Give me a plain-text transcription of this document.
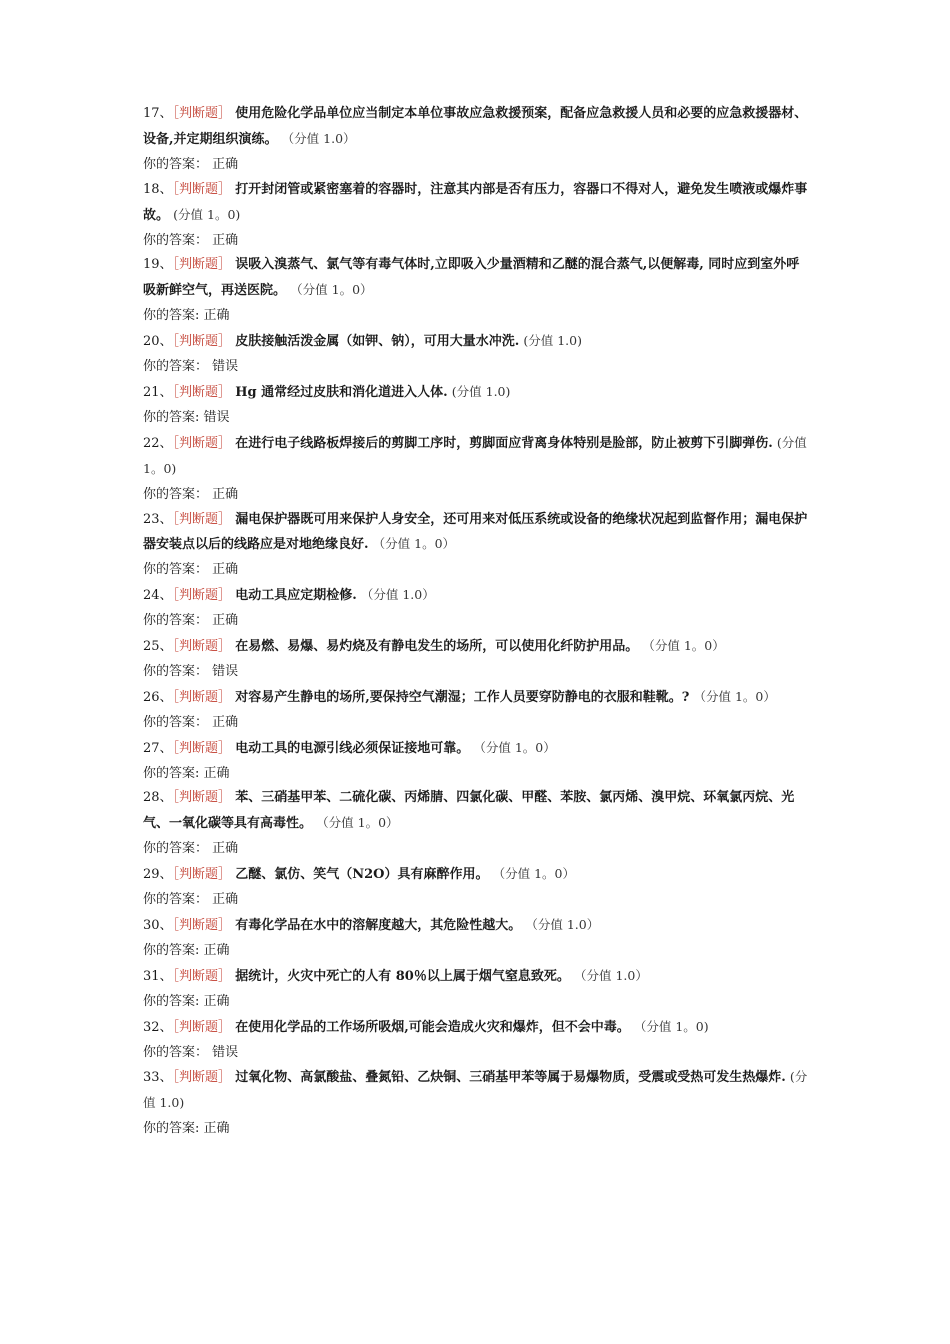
17、［判断题］ 使用危险化学品单位应当制定本单位事故应急救援预案，配备应急救援人员和必要的应急救援器材、设备,并定期组织演练。 （分值 1.0）
你的答案： 正确
18、［判断题］ 打开封闭管或紧密塞着的容器时，注意其内部是否有压力，容器口不得对人，避免发生喷液或爆炸事故。 (分值 1。0)
你的答案： 正确
19、［判断题］ 误吸入溴蒸气、氯气等有毒气体时,立即吸入少量酒精和乙醚的混合蒸气,以便解毒, 同时应到室外呼吸新鲜空气，再送医院。 （分值 1。0）
你的答案: 正确
20、［判断题］ 皮肤接触活泼金属（如钾、钠），可用大量水冲洗. (分值 1.0)
你的答案： 错误
21、［判断题］ Hg 通常经过皮肤和消化道进入人体. (分值 1.0)
你的答案: 错误
22、［判断题］ 在进行电子线路板焊接后的剪脚工序时，剪脚面应背离身体特别是脸部，防止被剪下引脚弹伤. (分值 1。0)
你的答案： 正确
23、［判断题］ 漏电保护器既可用来保护人身安全，还可用来对低压系统或设备的绝缘状况起到监督作用；漏电保护器安装点以后的线路应是对地绝缘良好. （分值 1。0）
你的答案： 正确
24、［判断题］ 电动工具应定期检修. （分值 1.0）
你的答案： 正确
25、［判断题］ 在易燃、易爆、易灼烧及有静电发生的场所，可以使用化纤防护用品。 （分值 1。0）
你的答案： 错误
26、［判断题］ 对容易产生静电的场所,要保持空气潮湿；工作人员要穿防静电的衣服和鞋靴。? （分值 1。0）
你的答案： 正确
27、［判断题］ 电动工具的电源引线必须保证接地可靠。 （分值 1。0）
你的答案: 正确
28、［判断题］ 苯、三硝基甲苯、二硫化碳、丙烯腈、四氯化碳、甲醛、苯胺、氯丙烯、溴甲烷、环氧氯丙烷、光气、一氧化碳等具有高毒性。 （分值 1。0）
你的答案： 正确
29、［判断题］ 乙醚、氯仿、笑气（N2O）具有麻醉作用。 （分值 1。0）
你的答案： 正确
30、［判断题］ 有毒化学品在水中的溶解度越大，其危险性越大。 （分值 1.0）
你的答案: 正确
31、［判断题］ 据统计，火灾中死亡的人有 80％以上属于烟气窒息致死。 （分值 1.0）
你的答案: 正确
32、［判断题］ 在使用化学品的工作场所吸烟,可能会造成火灾和爆炸，但不会中毒。 （分值 1。0)
你的答案： 错误
33、［判断题］ 过氧化物、高氯酸盐、叠氮铅、乙炔铜、三硝基甲苯等属于易爆物质，受震或受热可发生热爆炸. (分值 1.0)
你的答案: 正确
